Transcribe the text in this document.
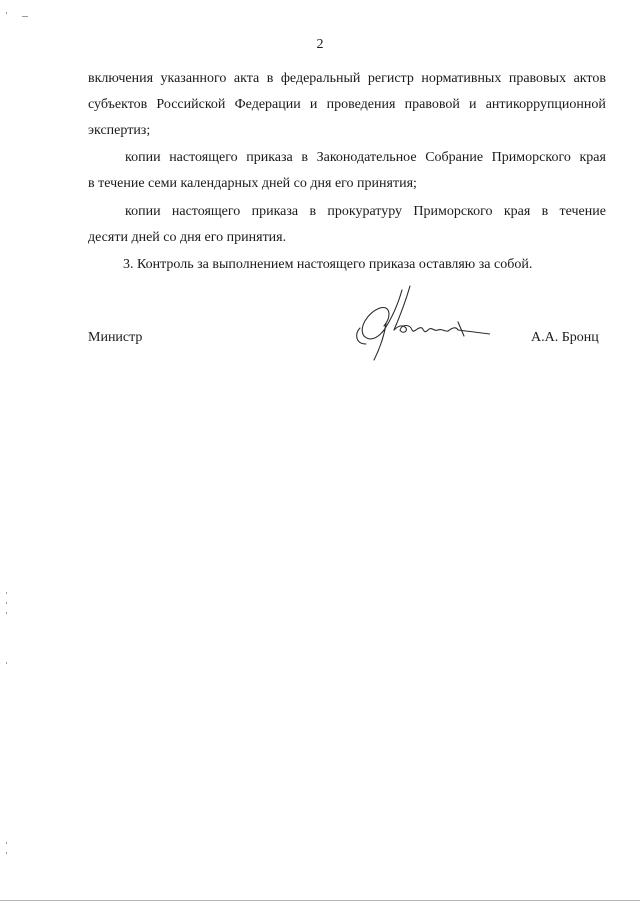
2
включения указанного акта в федеральный регистр нормативных правовых актов
субъектов Российской Федерации и проведения правовой и антикоррупционной
экспертиз;
копии настоящего приказа в Законодательное Собрание Приморского края
в течение семи календарных дней со дня его принятия;
копии настоящего приказа в прокуратуру Приморского края в течение
десяти дней со дня его принятия.
3. Контроль за выполнением настоящего приказа оставляю за собой.
Министр	А.А. Бронц
